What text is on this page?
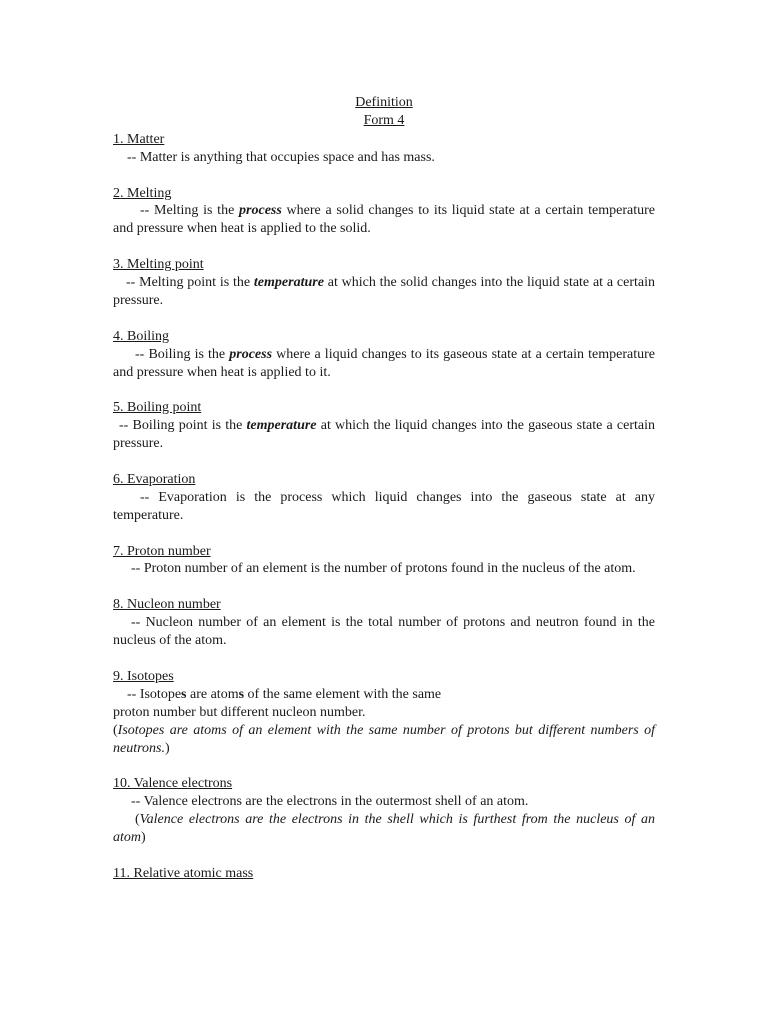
Definition
Form 4
1. Matter

-- Matter is anything that occupies space and has mass.

2. Melting

-- Melting is the process where a solid changes to its liquid state at a certain temperature and pressure when heat is applied to the solid.

3. Melting point

-- Melting point is the temperature at which the solid changes into the liquid state at a certain pressure.

4. Boiling

-- Boiling is the process where a liquid changes to its gaseous state at a certain temperature and pressure when heat is applied to it.

5. Boiling point

-- Boiling point is the temperature at which the liquid changes into the gaseous state a certain pressure.

6. Evaporation

-- Evaporation is the process which liquid changes into the gaseous state at any temperature.

7. Proton number

-- Proton number of an element is the number of protons found in the nucleus of the atom.

8. Nucleon number

-- Nucleon number of an element is the total number of protons and neutron found in the nucleus of the atom.

9. Isotopes

-- Isotopes are atoms of the same element with the same

proton number but different nucleon number.

(Isotopes are atoms of an element with the same number of protons but different numbers of neutrons.)

10. Valence electrons

-- Valence electrons are the electrons in the outermost shell of an atom.

(Valence electrons are the electrons in the shell which is furthest from the nucleus of an atom)

11. Relative atomic mass
